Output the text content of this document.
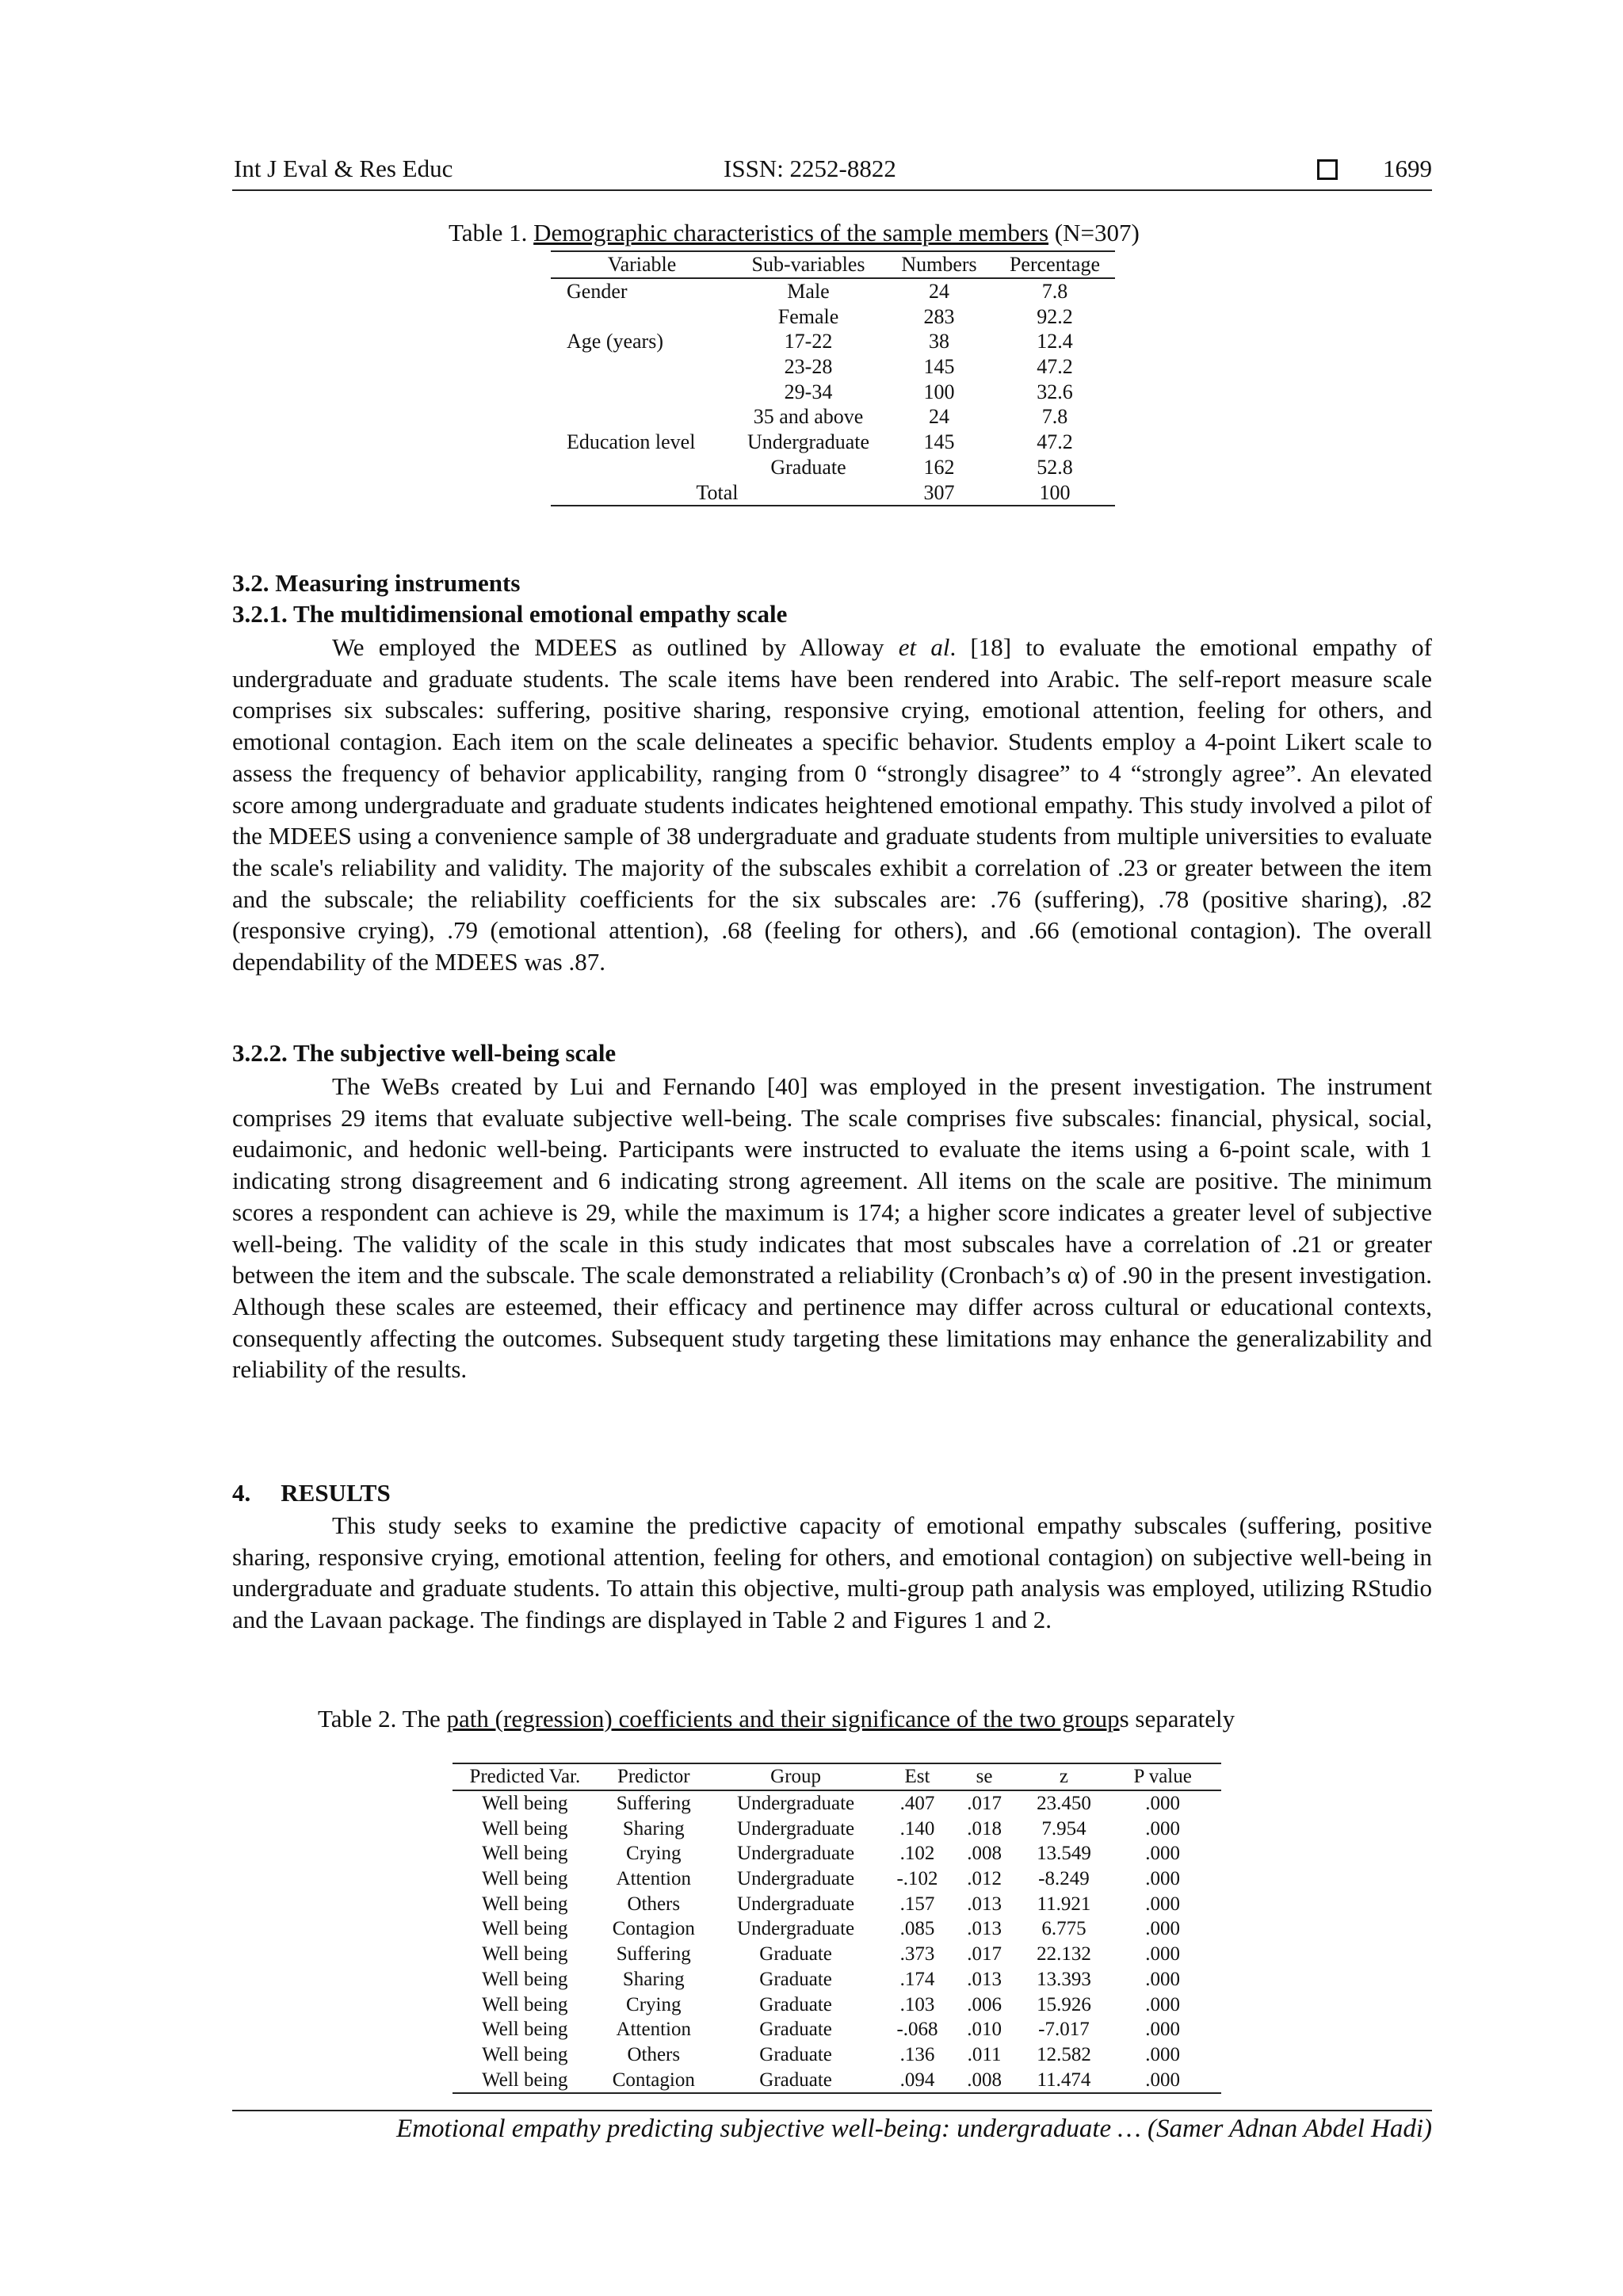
Int J Eval & Res Educ	ISSN: 2252-8822	1699
Table 1. Demographic characteristics of the sample members (N=307)
Variable	Sub-variables	Numbers	Percentage
Gender	Male	24	7.8
	Female	283	92.2
Age (years)	17-22	38	12.4
	23-28	145	47.2
	29-34	100	32.6
	35 and above	24	7.8
Education level	Undergraduate	145	47.2
	Graduate	162	52.8
Total		307	100
3.2. Measuring instruments
3.2.1. The multidimensional emotional empathy scale

We employed the MDEES as outlined by Alloway et al. [18] to evaluate the emotional empathy of undergraduate and graduate students. The scale items have been rendered into Arabic. The self-report measure scale comprises six subscales: suffering, positive sharing, responsive crying, emotional attention, feeling for others, and emotional contagion. Each item on the scale delineates a specific behavior. Students employ a 4-point Likert scale to assess the frequency of behavior applicability, ranging from 0 “strongly disagree” to 4 “strongly agree”. An elevated score among undergraduate and graduate students indicates heightened emotional empathy. This study involved a pilot of the MDEES using a convenience sample of 38 undergraduate and graduate students from multiple universities to evaluate the scale's reliability and validity. The majority of the subscales exhibit a correlation of .23 or greater between the item and the subscale; the reliability coefficients for the six subscales are: .76 (suffering), .78 (positive sharing), .82 (responsive crying), .79 (emotional attention), .68 (feeling for others), and .66 (emotional contagion). The overall dependability of the MDEES was .87.

3.2.2. The subjective well-being scale

The WeBs created by Lui and Fernando [40] was employed in the present investigation. The instrument comprises 29 items that evaluate subjective well-being. The scale comprises five subscales: financial, physical, social, eudaimonic, and hedonic well-being. Participants were instructed to evaluate the items using a 6-point scale, with 1 indicating strong disagreement and 6 indicating strong agreement. All items on the scale are positive. The minimum scores a respondent can achieve is 29, while the maximum is 174; a higher score indicates a greater level of subjective well-being. The validity of the scale in this study indicates that most subscales have a correlation of .21 or greater between the item and the subscale. The scale demonstrated a reliability (Cronbach’s α) of .90 in the present investigation. Although these scales are esteemed, their efficacy and pertinence may differ across cultural or educational contexts, consequently affecting the outcomes. Subsequent study targeting these limitations may enhance the generalizability and reliability of the results.

4. RESULTS

This study seeks to examine the predictive capacity of emotional empathy subscales (suffering, positive sharing, responsive crying, emotional attention, feeling for others, and emotional contagion) on subjective well-being in undergraduate and graduate students. To attain this objective, multi-group path analysis was employed, utilizing RStudio and the Lavaan package. The findings are displayed in Table 2 and Figures 1 and 2.

Table 2. The path (regression) coefficients and their significance of the two groups separately
Predicted Var.	Predictor	Group	Est	se	z	P value
Well being	Suffering	Undergraduate	.407	.017	23.450	.000
Well being	Sharing	Undergraduate	.140	.018	7.954	.000
Well being	Crying	Undergraduate	.102	.008	13.549	.000
Well being	Attention	Undergraduate	-.102	.012	-8.249	.000
Well being	Others	Undergraduate	.157	.013	11.921	.000
Well being	Contagion	Undergraduate	.085	.013	6.775	.000
Well being	Suffering	Graduate	.373	.017	22.132	.000
Well being	Sharing	Graduate	.174	.013	13.393	.000
Well being	Crying	Graduate	.103	.006	15.926	.000
Well being	Attention	Graduate	-.068	.010	-7.017	.000
Well being	Others	Graduate	.136	.011	12.582	.000
Well being	Contagion	Graduate	.094	.008	11.474	.000
Emotional empathy predicting subjective well-being: undergraduate … (Samer Adnan Abdel Hadi)
